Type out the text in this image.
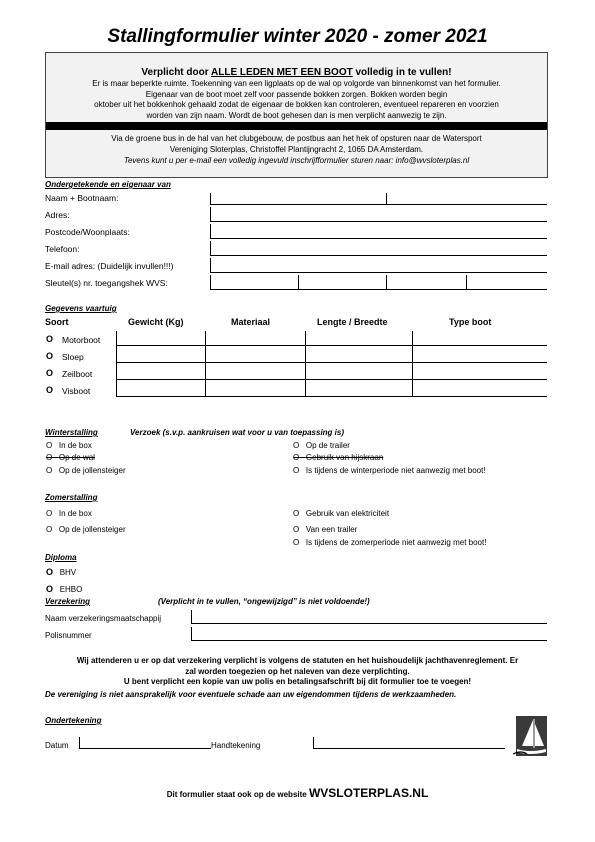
Stallingformulier winter 2020 - zomer 2021
Verplicht door ALLE LEDEN MET EEN BOOT volledig in te vullen!
Er is maar beperkte ruimte. Toekenning van een ligplaats op de wal op volgorde van binnenkomst van het formulier.
Eigenaar van de boot moet zelf voor passende bokken zorgen. Bokken worden begin
oktober uit het bokkenhok gehaald zodat de eigenaar de bokken kan controleren, eventueel repareren en voorzien
worden van zijn naam. Wordt de boot gehesen dan is men verplicht aanwezig te zijn.
Via de groene bus in de hal van het clubgebouw, de postbus aan het hek of opsturen naar de Watersport
Vereniging Sloterplas, Christoffel Plantijngracht 2, 1065 DA Amsterdam.
Tevens kunt u per e-mail een volledig ingevuld inschrijfformulier sturen naar: info@wvsloterplas.nl
Ondergetekende en eigenaar van
Naam + Bootnaam:
Adres:
Postcode/Woonplaats:
Telefoon:
E-mail adres: (Duidelijk invullen!!!)
Sleutel(s) nr. toegangshek WVS:
Gegevens vaartuig
Soort	Gewicht (Kg)	Materiaal	Lengte / Breedte	Type boot
O Motorboot
O Sloep
O Zeilboot
O Visboot
Winterstalling	Verzoek (s.v.p. aankruisen wat voor u van toepassing is)
O In de box
O Op de wal
O Op de jollensteiger
O Op de trailer
O Gebruik van hijskraan
O Is tijdens de winterperiode niet aanwezig met boot!
Zomerstalling
O In de box
O Op de jollensteiger
O Gebruik van elektriciteit
O Van een trailer
O Is tijdens de zomerperiode niet aanwezig met boot!
Diploma
O BHV
O EHBO
Verzekering	(Verplicht in te vullen, “ongewijzigd” is niet voldoende!)
Naam verzekeringsmaatschappij
Polisnummer
Wij attenderen u er op dat verzekering verplicht is volgens de statuten en het huishoudelijk jachthavenreglement. Er
zal worden toegezien op het naleven van deze verplichting.
U bent verplicht een kopie van uw polis en betalingsafschrift bij dit formulier toe te voegen!
De vereniging is niet aansprakelijk voor eventuele schade aan uw eigendommen tijdens de werkzaamheden.
Ondertekening
Datum	Handtekening
Dit formulier staat ook op de website WVSLOTERPLAS.NL
